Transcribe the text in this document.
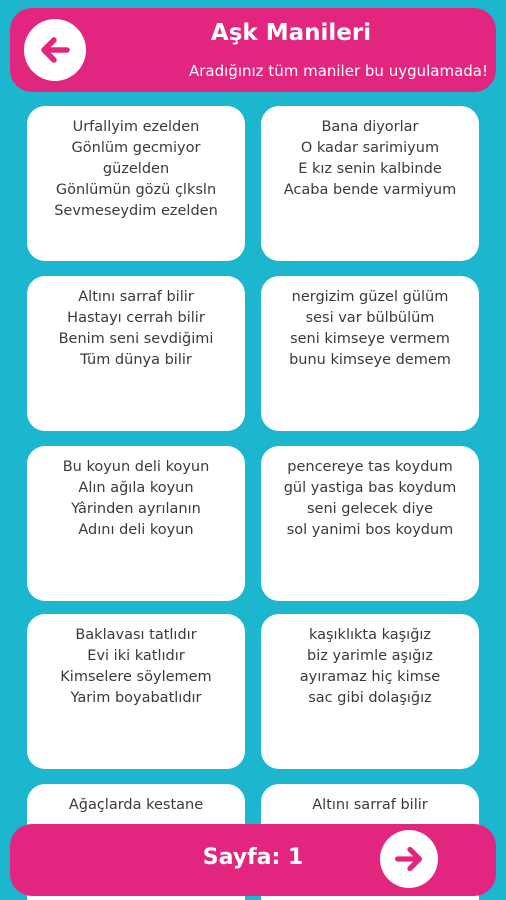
Urfallyim ezelden
Gönlüm gecmiyor
güzelden
Gönlümün gözü çlksln
Sevmeseydim ezelden
Bana diyorlar
O kadar sarimiyum
E kız senin kalbinde
Acaba bende varmiyum
Altını sarraf bilir
Hastayı cerrah bilir
Benim seni sevdiğimi
Tüm dünya bilir
nergizim güzel gülüm
sesi var bülbülüm
seni kimseye vermem
bunu kimseye demem
Bu koyun deli koyun
Alın ağıla koyun
Yârinden ayrılanın
Adını deli koyun
pencereye tas koydum
gül yastiga bas koydum
seni gelecek diye
sol yanimi bos koydum
Baklavası tatlıdır
Evi iki katlıdır
Kimselere söylemem
Yarim boyabatlıdır
kaşıklıkta kaşığız
biz yarimle aşığız
ayıramaz hiç kimse
sac gibi dolaşığız
Ağaçlarda kestane	Altını sarraf bilir
Aşk Manileri
Aradığınız tüm maniler bu uygulamada!
Sayfa: 1
